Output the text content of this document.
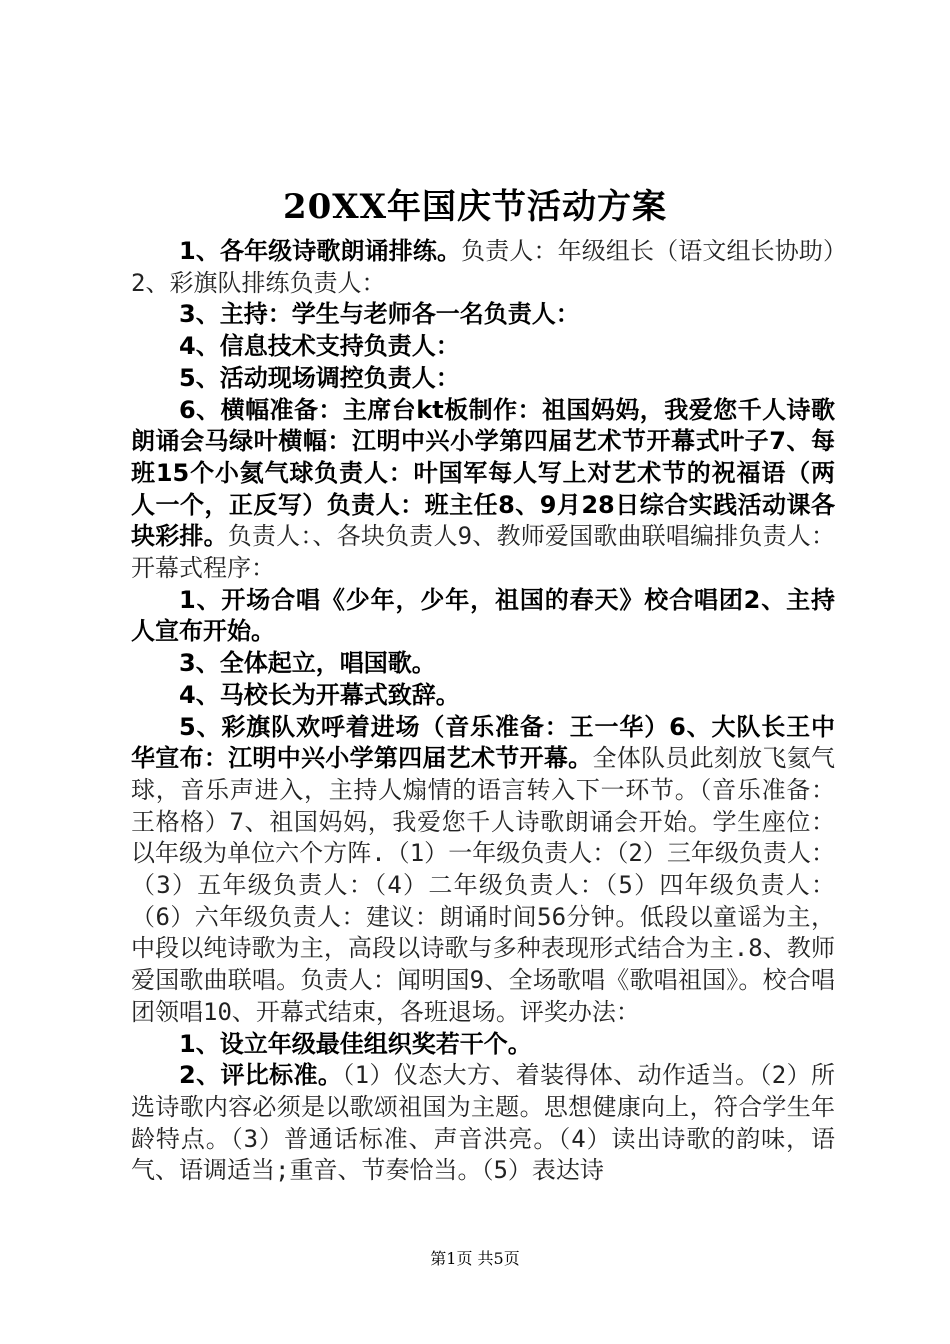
20XX年国庆节活动方案

1、各年级诗歌朗诵排练。负责人：年级组长（语文组长协助）2、彩旗队排练负责人：

3、主持：学生与老师各一名负责人：

4、信息技术支持负责人：

5、活动现场调控负责人：

6、横幅准备：主席台kt板制作：祖国妈妈，我爱您千人诗歌朗诵会马绿叶横幅：江明中兴小学第四届艺术节开幕式叶子7、每班15个小氦气球负责人：叶国军每人写上对艺术节的祝福语（两人一个，正反写）负责人：班主任8、9月28日综合实践活动课各块彩排。负责人：、各块负责人9、教师爱国歌曲联唱编排负责人：开幕式程序：

1、开场合唱《少年，少年，祖国的春天》校合唱团2、主持人宣布开始。

3、全体起立，唱国歌。

4、马校长为开幕式致辞。

5、彩旗队欢呼着进场（音乐准备：王一华）6、大队长王中华宣布：江明中兴小学第四届艺术节开幕。全体队员此刻放飞氦气球，音乐声进入，主持人煽情的语言转入下一环节。（音乐准备：王格格）7、祖国妈妈，我爱您千人诗歌朗诵会开始。学生座位：以年级为单位六个方阵.（1）一年级负责人：（2）三年级负责人：（3）五年级负责人：（4）二年级负责人：（5）四年级负责人：（6）六年级负责人：建议：朗诵时间56分钟。低段以童谣为主，中段以纯诗歌为主，高段以诗歌与多种表现形式结合为主.8、教师爱国歌曲联唱。负责人：闻明国9、全场歌唱《歌唱祖国》。校合唱团领唱10、开幕式结束，各班退场。评奖办法：

1、设立年级最佳组织奖若干个。

2、评比标准。（1）仪态大方、着装得体、动作适当。（2）所选诗歌内容必须是以歌颂祖国为主题。思想健康向上，符合学生年龄特点。（3）普通话标准、声音洪亮。（4）读出诗歌的韵味，语气、语调适当;重音、节奏恰当。（5）表达诗

第1页 共5页
